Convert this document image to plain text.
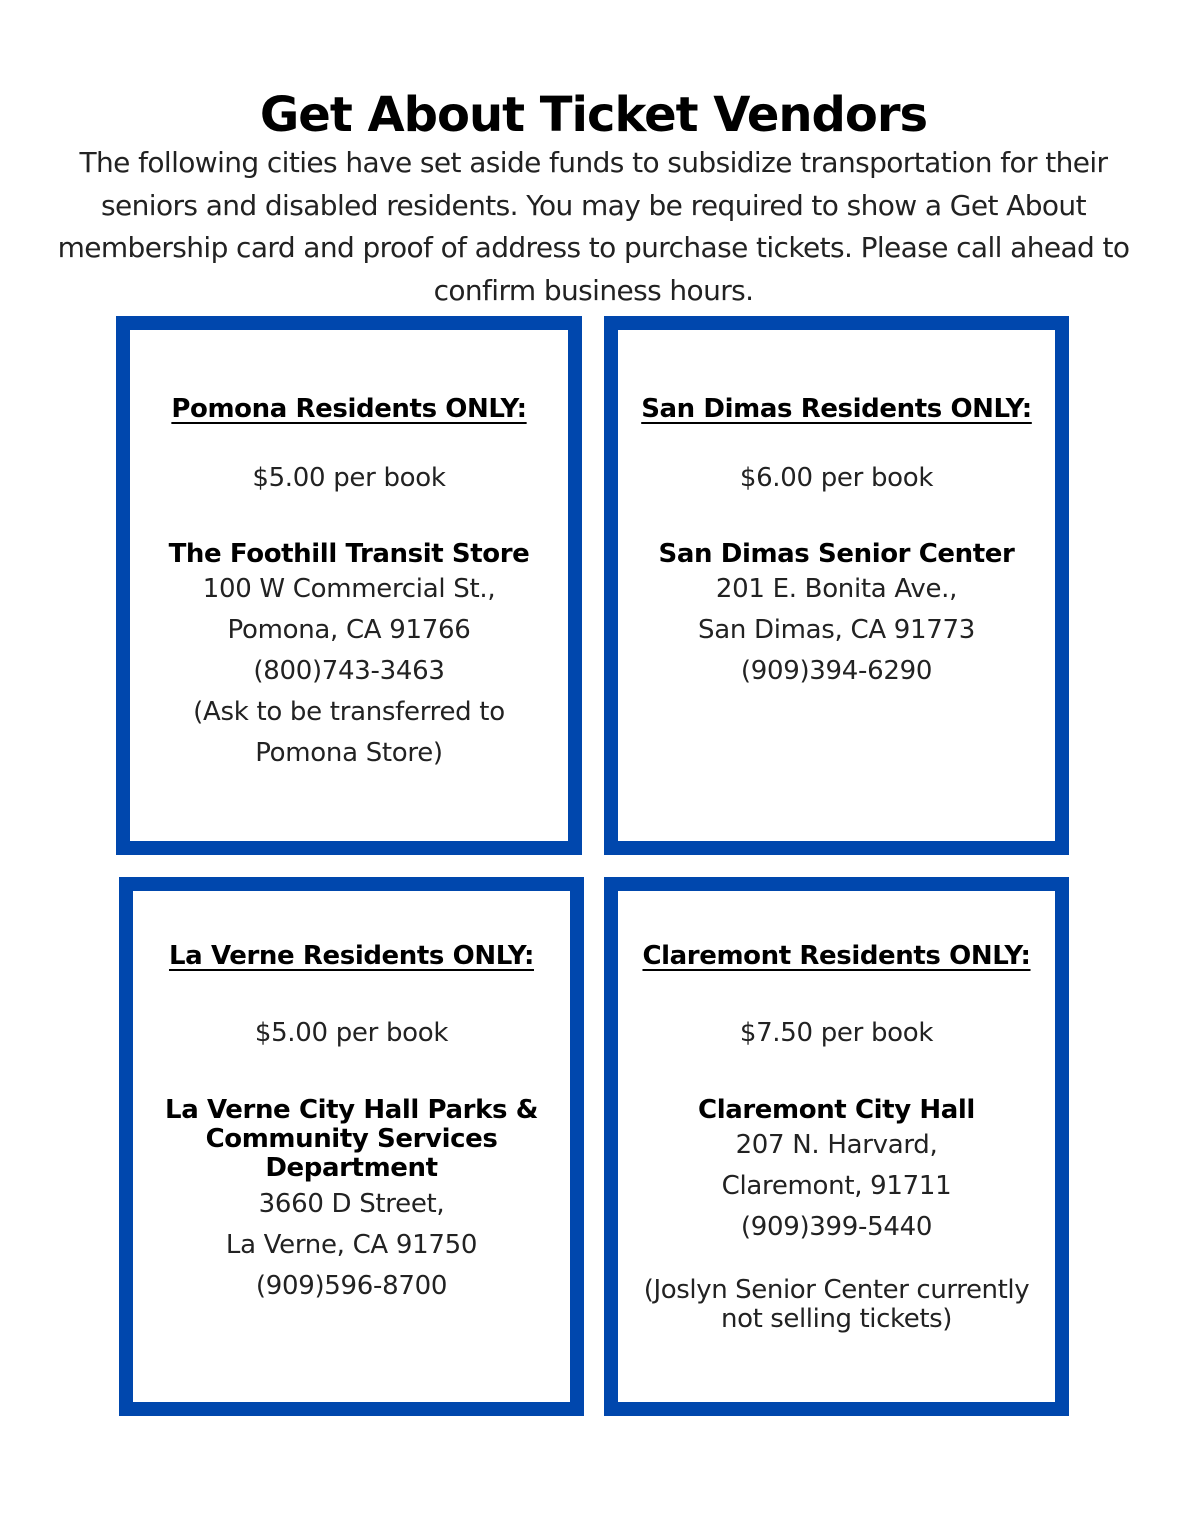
Get About Ticket Vendors

The following cities have set aside funds to subsidize transportation for their seniors and disabled residents. You may be required to show a Get About membership card and proof of address to purchase tickets. Please call ahead to confirm business hours.

Pomona Residents ONLY:
$5.00 per book
The Foothill Transit Store
100 W Commercial St.,
Pomona, CA 91766
(800)743-3463
(Ask to be transferred to
Pomona Store)
San Dimas Residents ONLY:
$6.00 per book
San Dimas Senior Center
201 E. Bonita Ave.,
San Dimas, CA 91773
(909)394-6290
La Verne Residents ONLY:
$5.00 per book
La Verne City Hall Parks &
Community Services
Department
3660 D Street,
La Verne, CA 91750
(909)596-8700
Claremont Residents ONLY:
$7.50 per book
Claremont City Hall
207 N. Harvard,
Claremont, 91711
(909)399-5440
(Joslyn Senior Center currently
not selling tickets)
